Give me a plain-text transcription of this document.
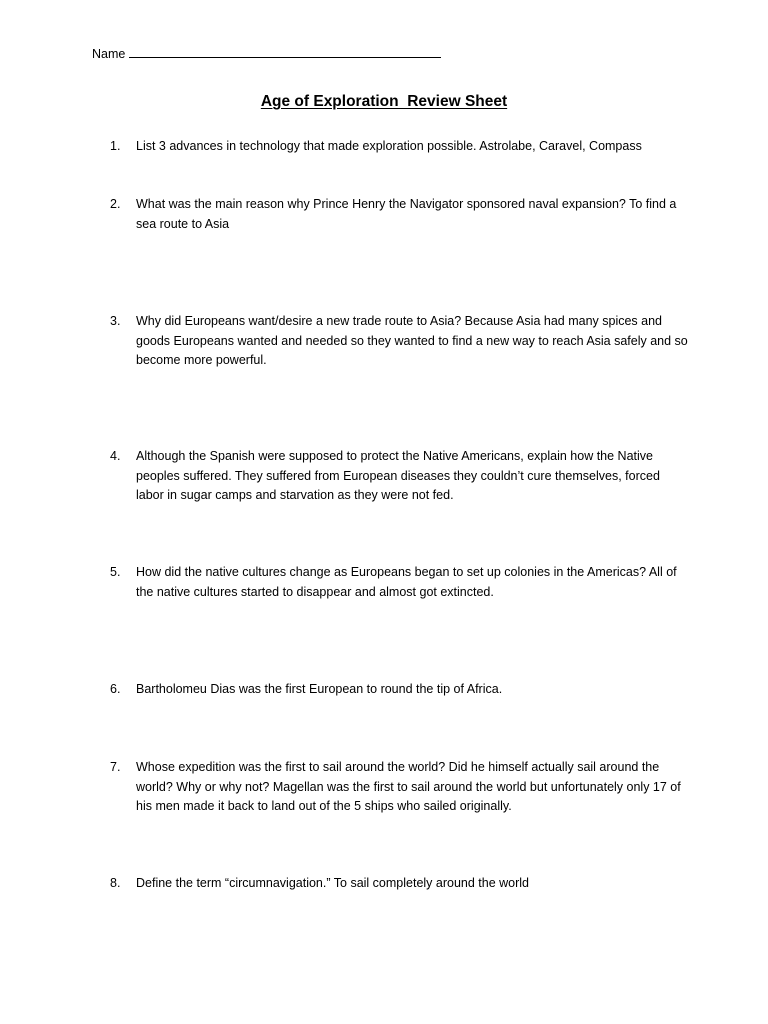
Name
Age of Exploration  Review Sheet
1.	List 3 advances in technology that made exploration possible. Astrolabe, Caravel, Compass
2.	What was the main reason why Prince Henry the Navigator sponsored naval expansion? To find a sea route to Asia
3.	Why did Europeans want/desire a new trade route to Asia? Because Asia had many spices and goods Europeans wanted and needed so they wanted to find a new way to reach Asia safely and so become more powerful.
4.	Although the Spanish were supposed to protect the Native Americans, explain how the Native peoples suffered. They suffered from European diseases they couldn’t cure themselves, forced labor in sugar camps and starvation as they were not fed.
5.	How did the native cultures change as Europeans began to set up colonies in the Americas? All of the native cultures started to disappear and almost got extincted.
6.	Bartholomeu Dias was the first European to round the tip of Africa.
7.	Whose expedition was the first to sail around the world? Did he himself actually sail around the world? Why or why not? Magellan was the first to sail around the world but unfortunately only 17 of his men made it back to land out of the 5 ships who sailed originally.
8.	Define the term “circumnavigation.” To sail completely around the world
